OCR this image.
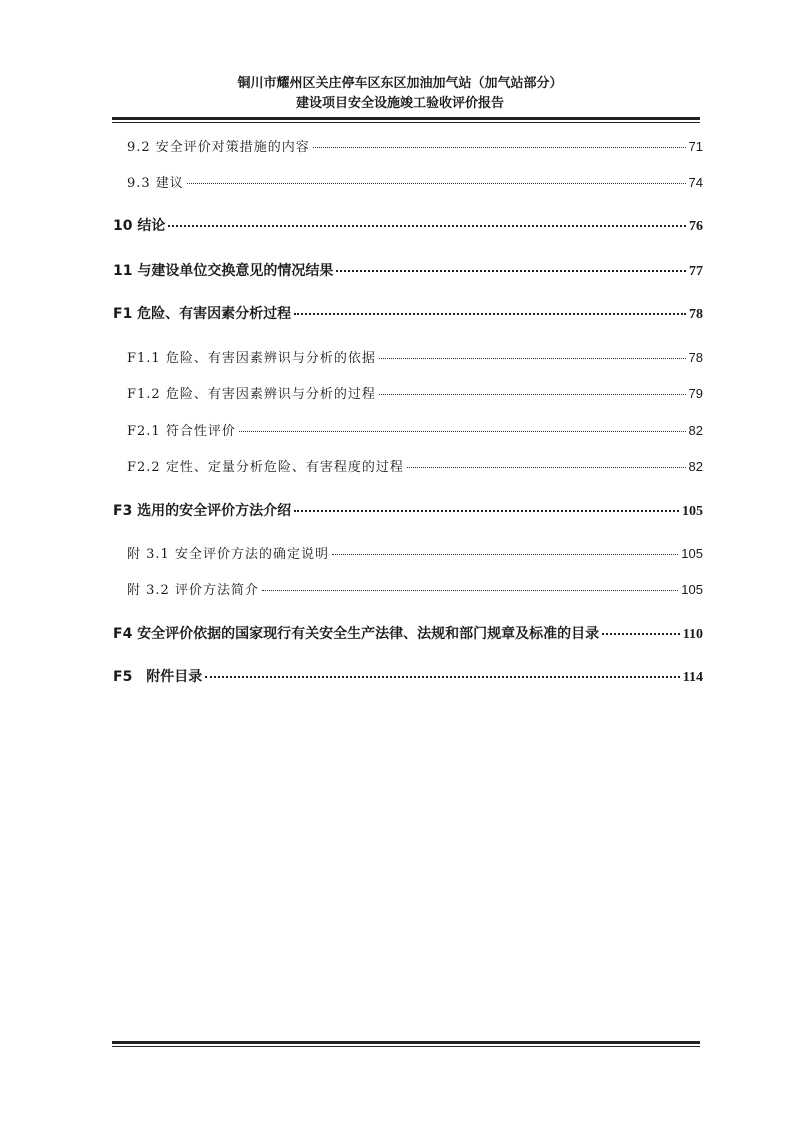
铜川市耀州区关庄停车区东区加油加气站（加气站部分）
建设项目安全设施竣工验收评价报告
9.2 安全评价对策措施的内容	71
9.3 建议	74
10 结论	76
11 与建设单位交换意见的情况结果	77
F1 危险、有害因素分析过程	78
F1.1 危险、有害因素辨识与分析的依据	78
F1.2 危险、有害因素辨识与分析的过程	79
F2.1 符合性评价	82
F2.2 定性、定量分析危险、有害程度的过程	82
F3 选用的安全评价方法介绍	105
附 3.1 安全评价方法的确定说明	105
附 3.2 评价方法简介	105
F4 安全评价依据的国家现行有关安全生产法律、法规和部门规章及标准的目录	110
F5　附件目录	114
